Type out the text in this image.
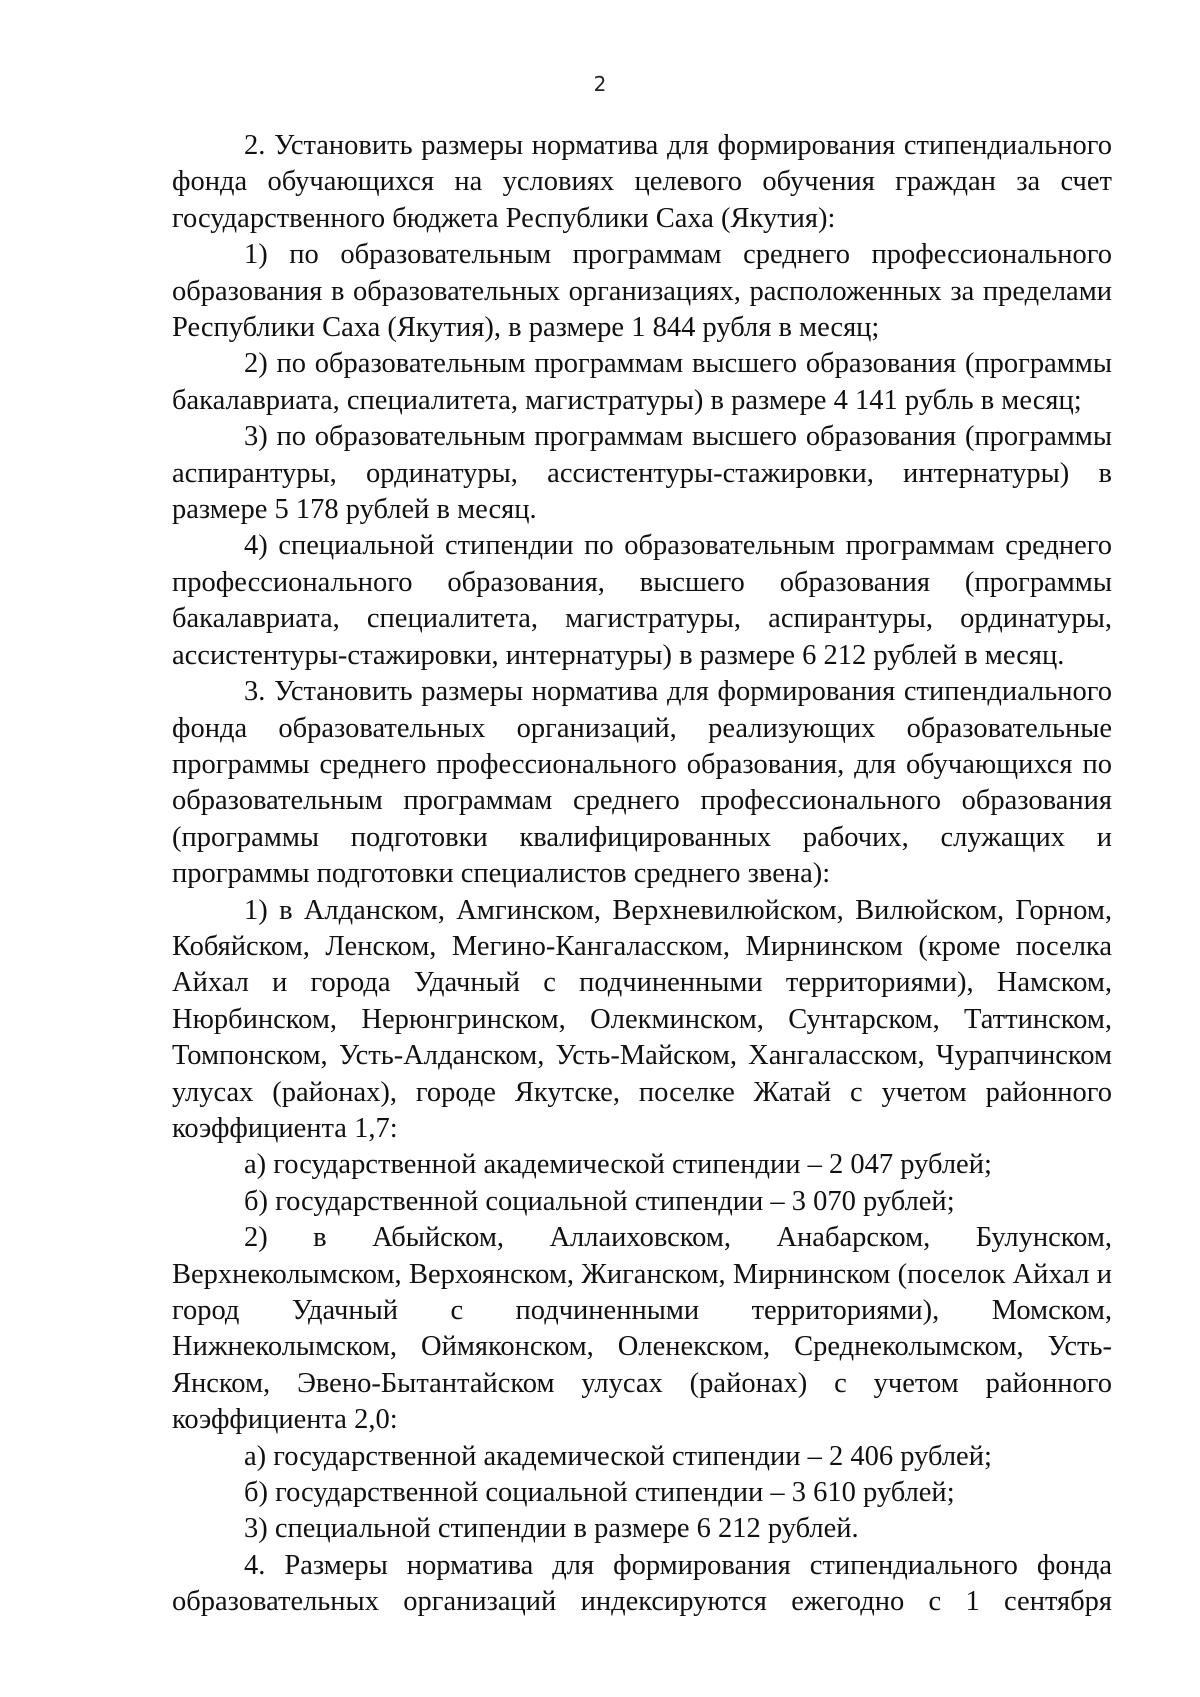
2

2. Установить размеры норматива для формирования стипендиального фонда обучающихся на условиях целевого обучения граждан за счет государственного бюджета Республики Саха (Якутия):

1) по образовательным программам среднего профессионального образования в образовательных организациях, расположенных за пределами Республики Саха (Якутия), в размере 1 844 рубля в месяц;

2) по образовательным программам высшего образования (программы бакалавриата, специалитета, магистратуры) в размере 4 141 рубль в месяц;

3) по образовательным программам высшего образования (программы аспирантуры, ординатуры, ассистентуры-стажировки, интернатуры) в размере 5 178 рублей в месяц.

4) специальной стипендии по образовательным программам среднего профессионального образования, высшего образования (программы бакалавриата, специалитета, магистратуры, аспирантуры, ординатуры, ассистентуры-стажировки, интернатуры) в размере 6 212 рублей в месяц.

3. Установить размеры норматива для формирования стипендиального фонда образовательных организаций, реализующих образовательные программы среднего профессионального образования, для обучающихся по образовательным программам среднего профессионального образования (программы подготовки квалифицированных рабочих, служащих и программы подготовки специалистов среднего звена):

1) в Алданском, Амгинском, Верхневилюйском, Вилюйском, Горном, Кобяйском, Ленском, Мегино-Кангаласском, Мирнинском (кроме поселка Айхал и города Удачный с подчиненными территориями), Намском, Нюрбинском, Нерюнгринском, Олекминском, Сунтарском, Таттинском, Томпонском, Усть-Алданском, Усть-Майском, Хангаласском, Чурапчинском улусах (районах), городе Якутске, поселке Жатай с учетом районного коэффициента 1,7:

а) государственной академической стипендии – 2 047 рублей;

б) государственной социальной стипендии – 3 070 рублей;

2) в Абыйском, Аллаиховском, Анабарском, Булунском, Верхнеколымском, Верхоянском, Жиганском, Мирнинском (поселок Айхал и город Удачный с подчиненными территориями), Момском, Нижнеколымском, Оймяконском, Оленекском, Среднеколымском, Усть-Янском, Эвено-Бытантайском улусах (районах) с учетом районного коэффициента 2,0:

а) государственной академической стипендии – 2 406 рублей;

б) государственной социальной стипендии – 3 610 рублей;

3) специальной стипендии в размере 6 212 рублей.

4. Размеры норматива для формирования стипендиального фонда образовательных организаций индексируются ежегодно с 1 сентября
